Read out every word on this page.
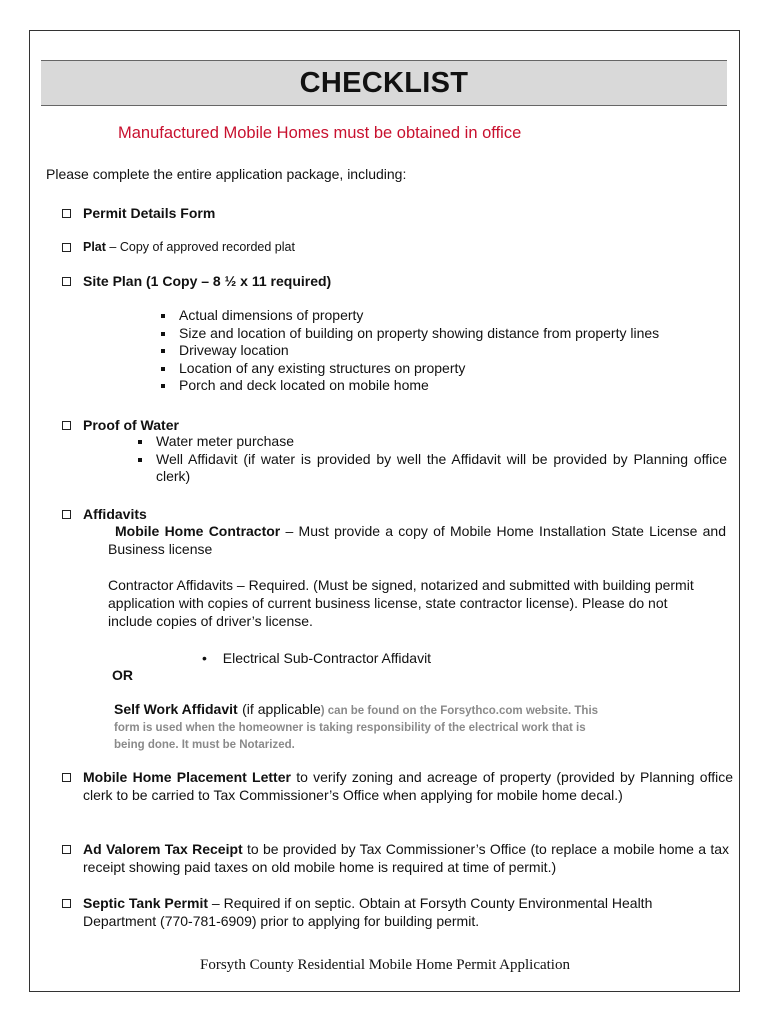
CHECKLIST
Manufactured Mobile Homes must be obtained in office
Please complete the entire application package, including:
Permit Details Form
Plat – Copy of approved recorded plat
Site Plan (1 Copy – 8 ½ x 11 required)
Actual dimensions of property
Size and location of building on property showing distance from property lines
Driveway location
Location of any existing structures on property
Porch and deck located on mobile home
Proof of Water
Water meter purchase
Well Affidavit (if water is provided by well the Affidavit will be provided by Planning office clerk)
Affidavits
Mobile Home Contractor – Must provide a copy of Mobile Home Installation State License and Business license
Contractor Affidavits – Required. (Must be signed, notarized and submitted with building permit application with copies of current business license, state contractor license). Please do not include copies of driver’s license.
• Electrical Sub-Contractor Affidavit
OR
Self Work Affidavit (if applicable) can be found on the Forsythco.com website. This form is used when the homeowner is taking responsibility of the electrical work that is being done. It must be Notarized.
Mobile Home Placement Letter to verify zoning and acreage of property (provided by Planning office clerk to be carried to Tax Commissioner’s Office when applying for mobile home decal.)
Ad Valorem Tax Receipt to be provided by Tax Commissioner’s Office (to replace a mobile home a tax receipt showing paid taxes on old mobile home is required at time of permit.)
Septic Tank Permit – Required if on septic. Obtain at Forsyth County Environmental Health Department (770-781-6909) prior to applying for building permit.
Forsyth County Residential Mobile Home Permit Application
